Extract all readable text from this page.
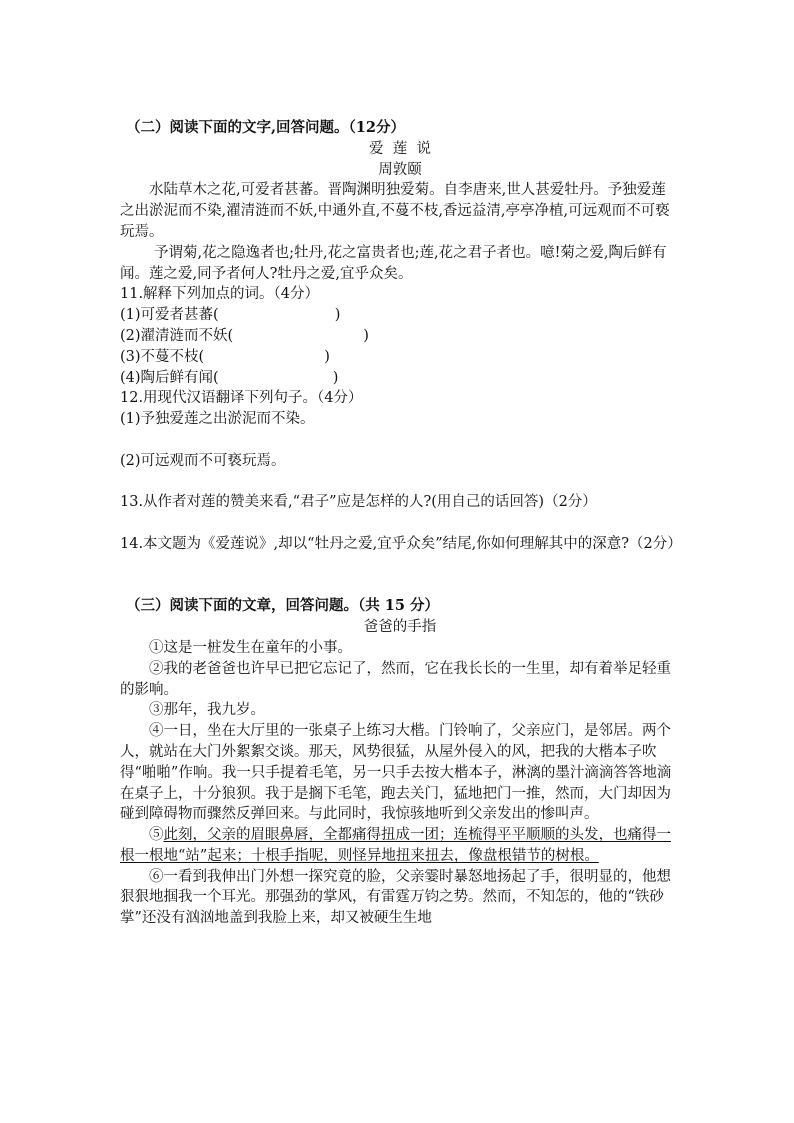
（二）阅读下面的文字,回答问题。（12分）
爱  莲  说
周敦颐
水陆草木之花,可爱者甚蕃。晋陶渊明独爱菊。自李唐来,世人甚爱牡丹。予独爱莲之出淤泥而不染,濯清涟而不妖,中通外直,不蔓不枝,香远益清,亭亭净植,可远观而不可亵玩焉。
予谓菊,花之隐逸者也;牡丹,花之富贵者也;莲,花之君子者也。噫!菊之爱,陶后鲜有闻。莲之爱,同予者何人?牡丹之爱,宜乎众矣。
11.解释下列加点的词。（4分）
(1)可爱者甚蕃(	)
(2)濯清涟而不妖(	)
(3)不蔓不枝(	)
(4)陶后鲜有闻(	)
12.用现代汉语翻译下列句子。（4分）
(1)予独爱莲之出淤泥而不染。
(2)可远观而不可亵玩焉。
13.从作者对莲的赞美来看,“君子”应是怎样的人?(用自己的话回答)（2分）
14.本文题为《爱莲说》,却以“牡丹之爱,宜乎众矣”结尾,你如何理解其中的深意?（2分）
（三）阅读下面的文章，回答问题。（共 15 分）
爸爸的手指
①这是一桩发生在童年的小事。
②我的老爸爸也许早已把它忘记了，然而，它在我长长的一生里，却有着举足轻重的影响。
③那年，我九岁。
④一日，坐在大厅里的一张桌子上练习大楷。门铃响了，父亲应门，是邻居。两个人，就站在大门外絮絮交谈。那天，风势很猛，从屋外侵入的风，把我的大楷本子吹得“啪啪”作响。我一只手提着毛笔，另一只手去按大楷本子，淋漓的墨汁滴滴答答地滴在桌子上，十分狼狈。我于是搁下毛笔，跑去关门，猛地把门一推，然而，大门却因为碰到障碍物而骤然反弹回来。与此同时，我惊骇地听到父亲发出的惨叫声。
⑤此刻，父亲的眉眼鼻唇，全都痛得扭成一团；连梳得平平顺顺的头发，也痛得一根一根地“站”起来；十根手指呢，则怪异地扭来扭去，像盘根错节的树根。
⑥一看到我伸出门外想一探究竟的脸，父亲霎时暴怒地扬起了手，很明显的，他想狠狠地掴我一个耳光。那强劲的掌风，有雷霆万钧之势。然而，不知怎的，他的“铁砂掌”还没有汹汹地盖到我脸上来，却又被硬生生地
